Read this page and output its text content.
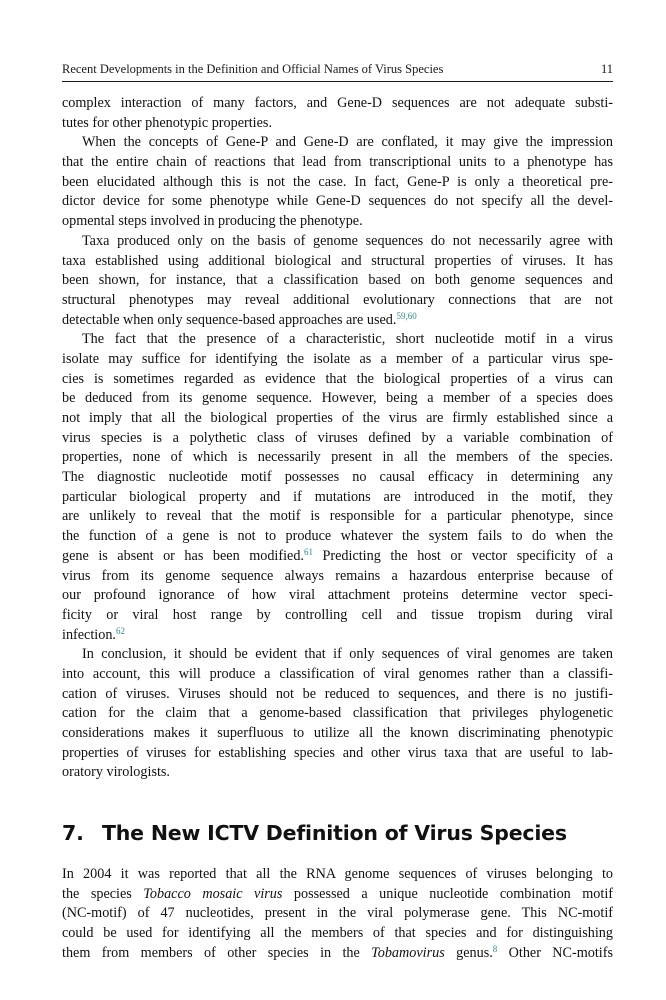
Recent Developments in the Definition and Official Names of Virus Species	11
complex interaction of many factors, and Gene-D sequences are not adequate substi-
tutes for other phenotypic properties.
When the concepts of Gene-P and Gene-D are conflated, it may give the impression
that the entire chain of reactions that lead from transcriptional units to a phenotype has
been elucidated although this is not the case. In fact, Gene-P is only a theoretical pre-
dictor device for some phenotype while Gene-D sequences do not specify all the devel-
opmental steps involved in producing the phenotype.
Taxa produced only on the basis of genome sequences do not necessarily agree with
taxa established using additional biological and structural properties of viruses. It has
been shown, for instance, that a classification based on both genome sequences and
structural phenotypes may reveal additional evolutionary connections that are not
detectable when only sequence-based approaches are used.$^{59,60}$
The fact that the presence of a characteristic, short nucleotide motif in a virus
isolate may suffice for identifying the isolate as a member of a particular virus spe-
cies is sometimes regarded as evidence that the biological properties of a virus can
be deduced from its genome sequence. However, being a member of a species does
not imply that all the biological properties of the virus are firmly established since a
virus species is a polythetic class of viruses defined by a variable combination of
properties, none of which is necessarily present in all the members of the species.
The diagnostic nucleotide motif possesses no causal efficacy in determining any
particular biological property and if mutations are introduced in the motif, they
are unlikely to reveal that the motif is responsible for a particular phenotype, since
the function of a gene is not to produce whatever the system fails to do when the
gene is absent or has been modified.$^{61}$ Predicting the host or vector specificity of a
virus from its genome sequence always remains a hazardous enterprise because of
our profound ignorance of how viral attachment proteins determine vector speci-
ficity or viral host range by controlling cell and tissue tropism during viral
infection.$^{62}$
In conclusion, it should be evident that if only sequences of viral genomes are taken
into account, this will produce a classification of viral genomes rather than a classifi-
cation of viruses. Viruses should not be reduced to sequences, and there is no justifi-
cation for the claim that a genome-based classification that privileges phylogenetic
considerations makes it superfluous to utilize all the known discriminating phenotypic
properties of viruses for establishing species and other virus taxa that are useful to lab-
oratory virologists.
7. The New ICTV Definition of Virus Species
In 2004 it was reported that all the RNA genome sequences of viruses belonging to
the species Tobacco mosaic virus possessed a unique nucleotide combination motif
(NC-motif) of 47 nucleotides, present in the viral polymerase gene. This NC-motif
could be used for identifying all the members of that species and for distinguishing
them from members of other species in the Tobamovirus genus.$^8$ Other NC-motifs
